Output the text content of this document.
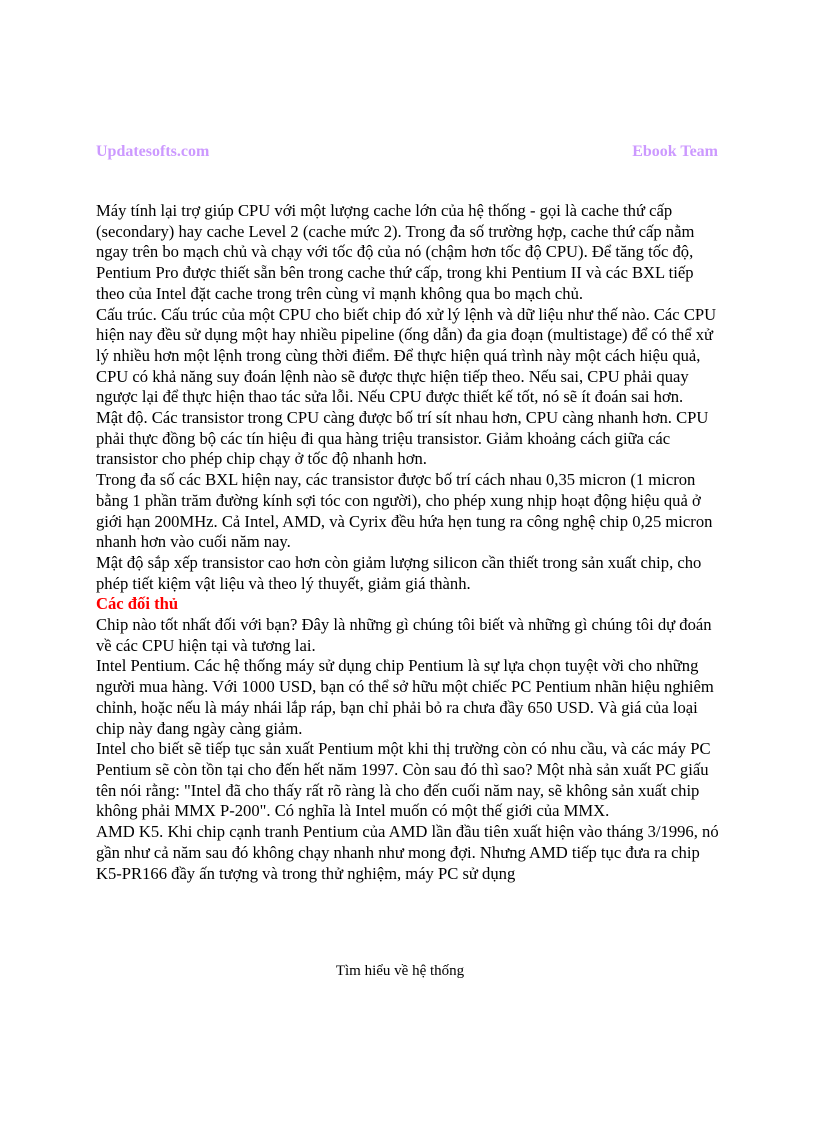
Updatesofts.com	Ebook Team

Máy tính lại trợ giúp CPU với một lượng cache lớn của hệ thống - gọi là cache thứ cấp (secondary) hay cache Level 2 (cache mức 2). Trong đa số trường hợp, cache thứ cấp nằm ngay trên bo mạch chủ và chạy với tốc độ của nó (chậm hơn tốc độ CPU). Để tăng tốc độ, Pentium Pro được thiết sẵn bên trong cache thứ cấp, trong khi Pentium II và các BXL tiếp theo của Intel đặt cache trong trên cùng vỉ mạnh không qua bo mạch chủ.

Cấu trúc. Cấu trúc của một CPU cho biết chip đó xử lý lệnh và dữ liệu như thế nào. Các CPU hiện nay đều sử dụng một hay nhiều pipeline (ống dẫn) đa gia đoạn (multistage) để có thể xử lý nhiều hơn một lệnh trong cùng thời điểm. Để thực hiện quá trình này một cách hiệu quả, CPU có khả năng suy đoán lệnh nào sẽ được thực hiện tiếp theo. Nếu sai, CPU phải quay ngược lại để thực hiện thao tác sửa lỗi. Nếu CPU được thiết kế tốt, nó sẽ ít đoán sai hơn.

Mật độ. Các transistor trong CPU càng được bố trí sít nhau hơn, CPU càng nhanh hơn. CPU phải thực đồng bộ các tín hiệu đi qua hàng triệu transistor. Giảm khoảng cách giữa các transistor cho phép chip chạy ở tốc độ nhanh hơn.

Trong đa số các BXL hiện nay, các transistor được bố trí cách nhau 0,35 micron (1 micron bằng 1 phần trăm đường kính sợi tóc con người), cho phép xung nhịp hoạt động hiệu quả ở giới hạn 200MHz. Cả Intel, AMD, và Cyrix đều hứa hẹn tung ra công nghệ chip 0,25 micron nhanh hơn vào cuối năm nay.

Mật độ sắp xếp transistor cao hơn còn giảm lượng silicon cần thiết trong sản xuất chip, cho phép tiết kiệm vật liệu và theo lý thuyết, giảm giá thành.

Các đối thủ

Chip nào tốt nhất đối với bạn? Đây là những gì chúng tôi biết và những gì chúng tôi dự đoán về các CPU hiện tại và tương lai.

Intel Pentium. Các hệ thống máy sử dụng chip Pentium là sự lựa chọn tuyệt vời cho những người mua hàng. Với 1000 USD, bạn có thể sở hữu một chiếc PC Pentium nhãn hiệu nghiêm chỉnh, hoặc nếu là máy nhái lắp ráp, bạn chỉ phải bỏ ra chưa đầy 650 USD. Và giá của loại chip này đang ngày càng giảm.

Intel cho biết sẽ tiếp tục sản xuất Pentium một khi thị trường còn có nhu cầu, và các máy PC Pentium sẽ còn tồn tại cho đến hết năm 1997. Còn sau đó thì sao? Một nhà sản xuất PC giấu tên nói rằng: "Intel đã cho thấy rất rõ ràng là cho đến cuối năm nay, sẽ không sản xuất chip không phải MMX P-200". Có nghĩa là Intel muốn có một thế giới của MMX.

AMD K5. Khi chip cạnh tranh Pentium của AMD lần đầu tiên xuất hiện vào tháng 3/1996, nó gần như cả năm sau đó không chạy nhanh như mong đợi. Nhưng AMD tiếp tục đưa ra chip K5-PR166 đầy ấn tượng và trong thử nghiệm, máy PC sử dụng

Tìm hiểu về hệ thống
